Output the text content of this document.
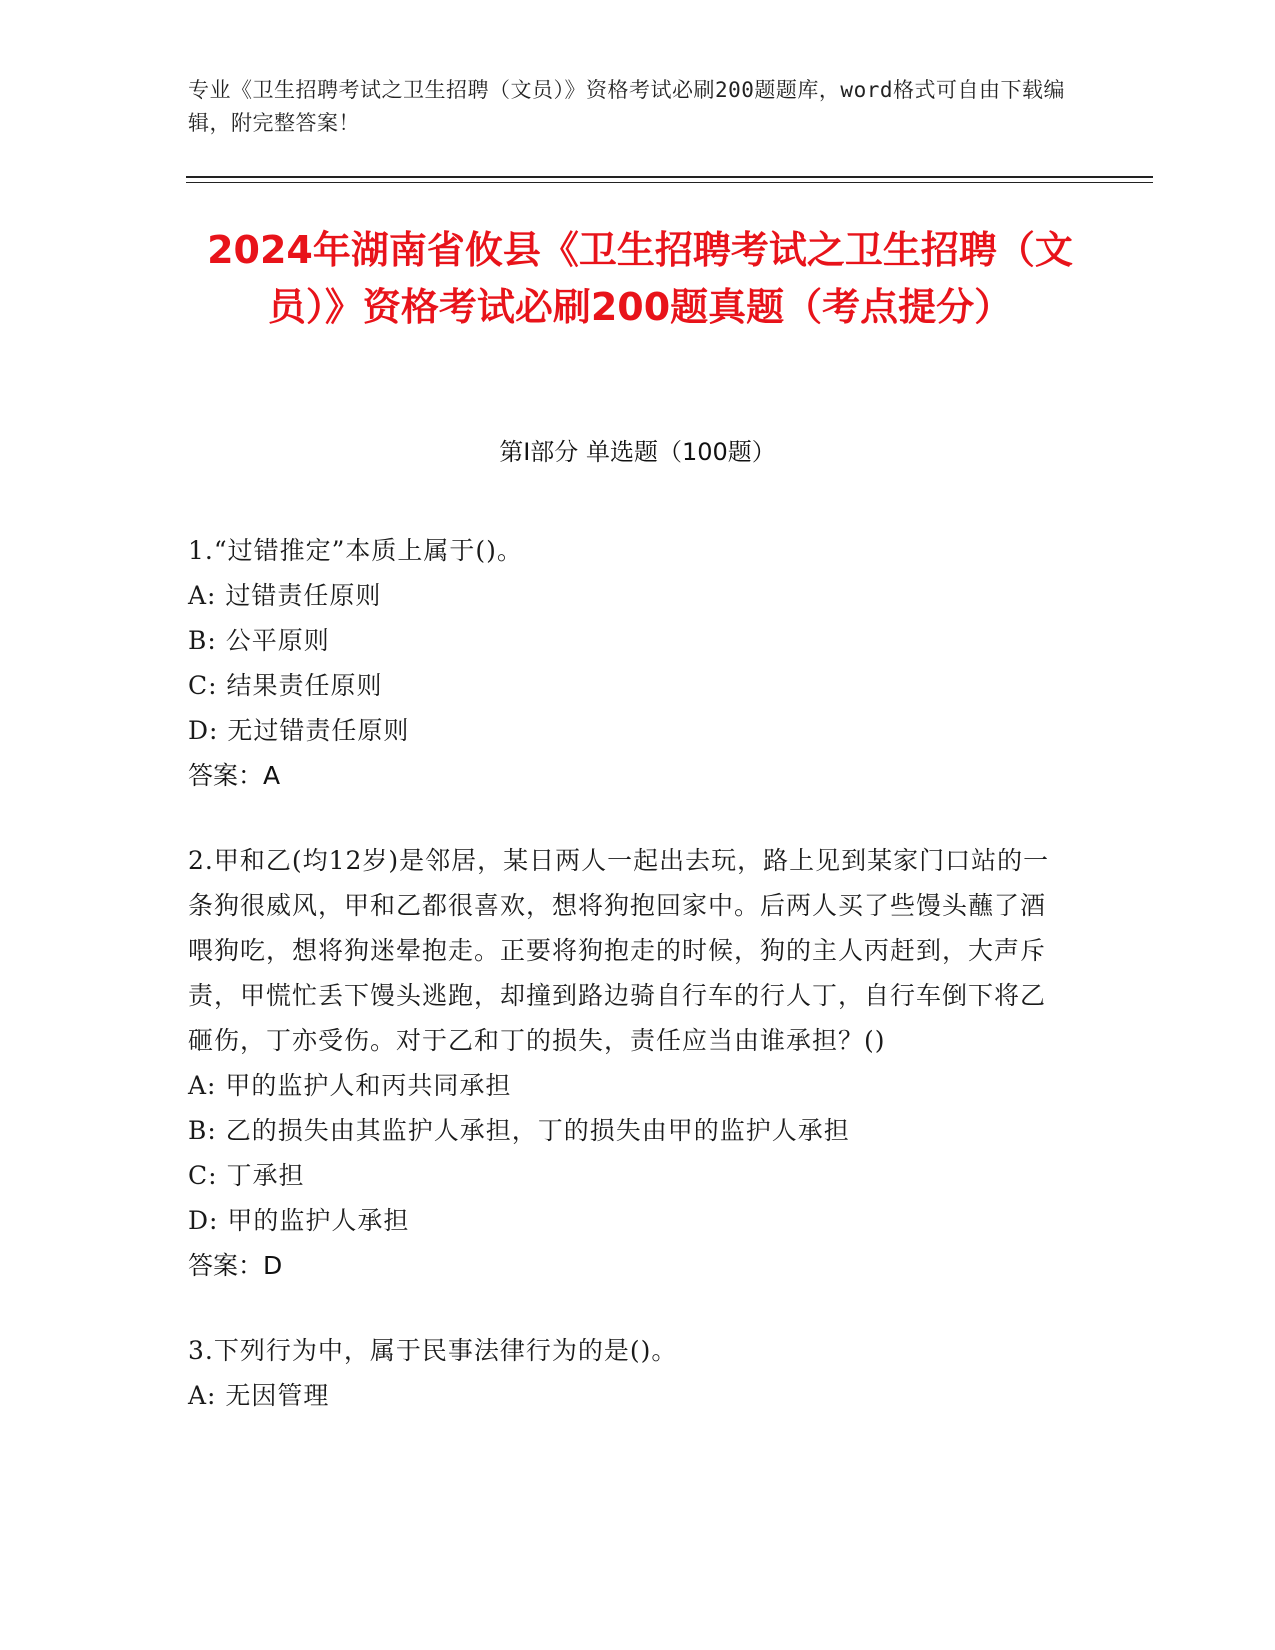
专业《卫生招聘考试之卫生招聘（文员）》资格考试必刷200题题库，word格式可自由下载编辑，附完整答案！
2024年湖南省攸县《卫生招聘考试之卫生招聘（文员）》资格考试必刷200题真题（考点提分）
第Ⅰ部分 单选题（100题）

1.“过错推定”本质上属于()。

A: 过错责任原则

B: 公平原则

C: 结果责任原则

D: 无过错责任原则

答案：A

2.甲和乙(均12岁)是邻居，某日两人一起出去玩，路上见到某家门口站的一条狗很威风，甲和乙都很喜欢，想将狗抱回家中。后两人买了些馒头蘸了酒喂狗吃，想将狗迷晕抱走。正要将狗抱走的时候，狗的主人丙赶到，大声斥责，甲慌忙丢下馒头逃跑，却撞到路边骑自行车的行人丁，自行车倒下将乙砸伤，丁亦受伤。对于乙和丁的损失，责任应当由谁承担？()

A: 甲的监护人和丙共同承担

B: 乙的损失由其监护人承担，丁的损失由甲的监护人承担

C: 丁承担

D: 甲的监护人承担

答案：D

3.下列行为中，属于民事法律行为的是()。

A: 无因管理
